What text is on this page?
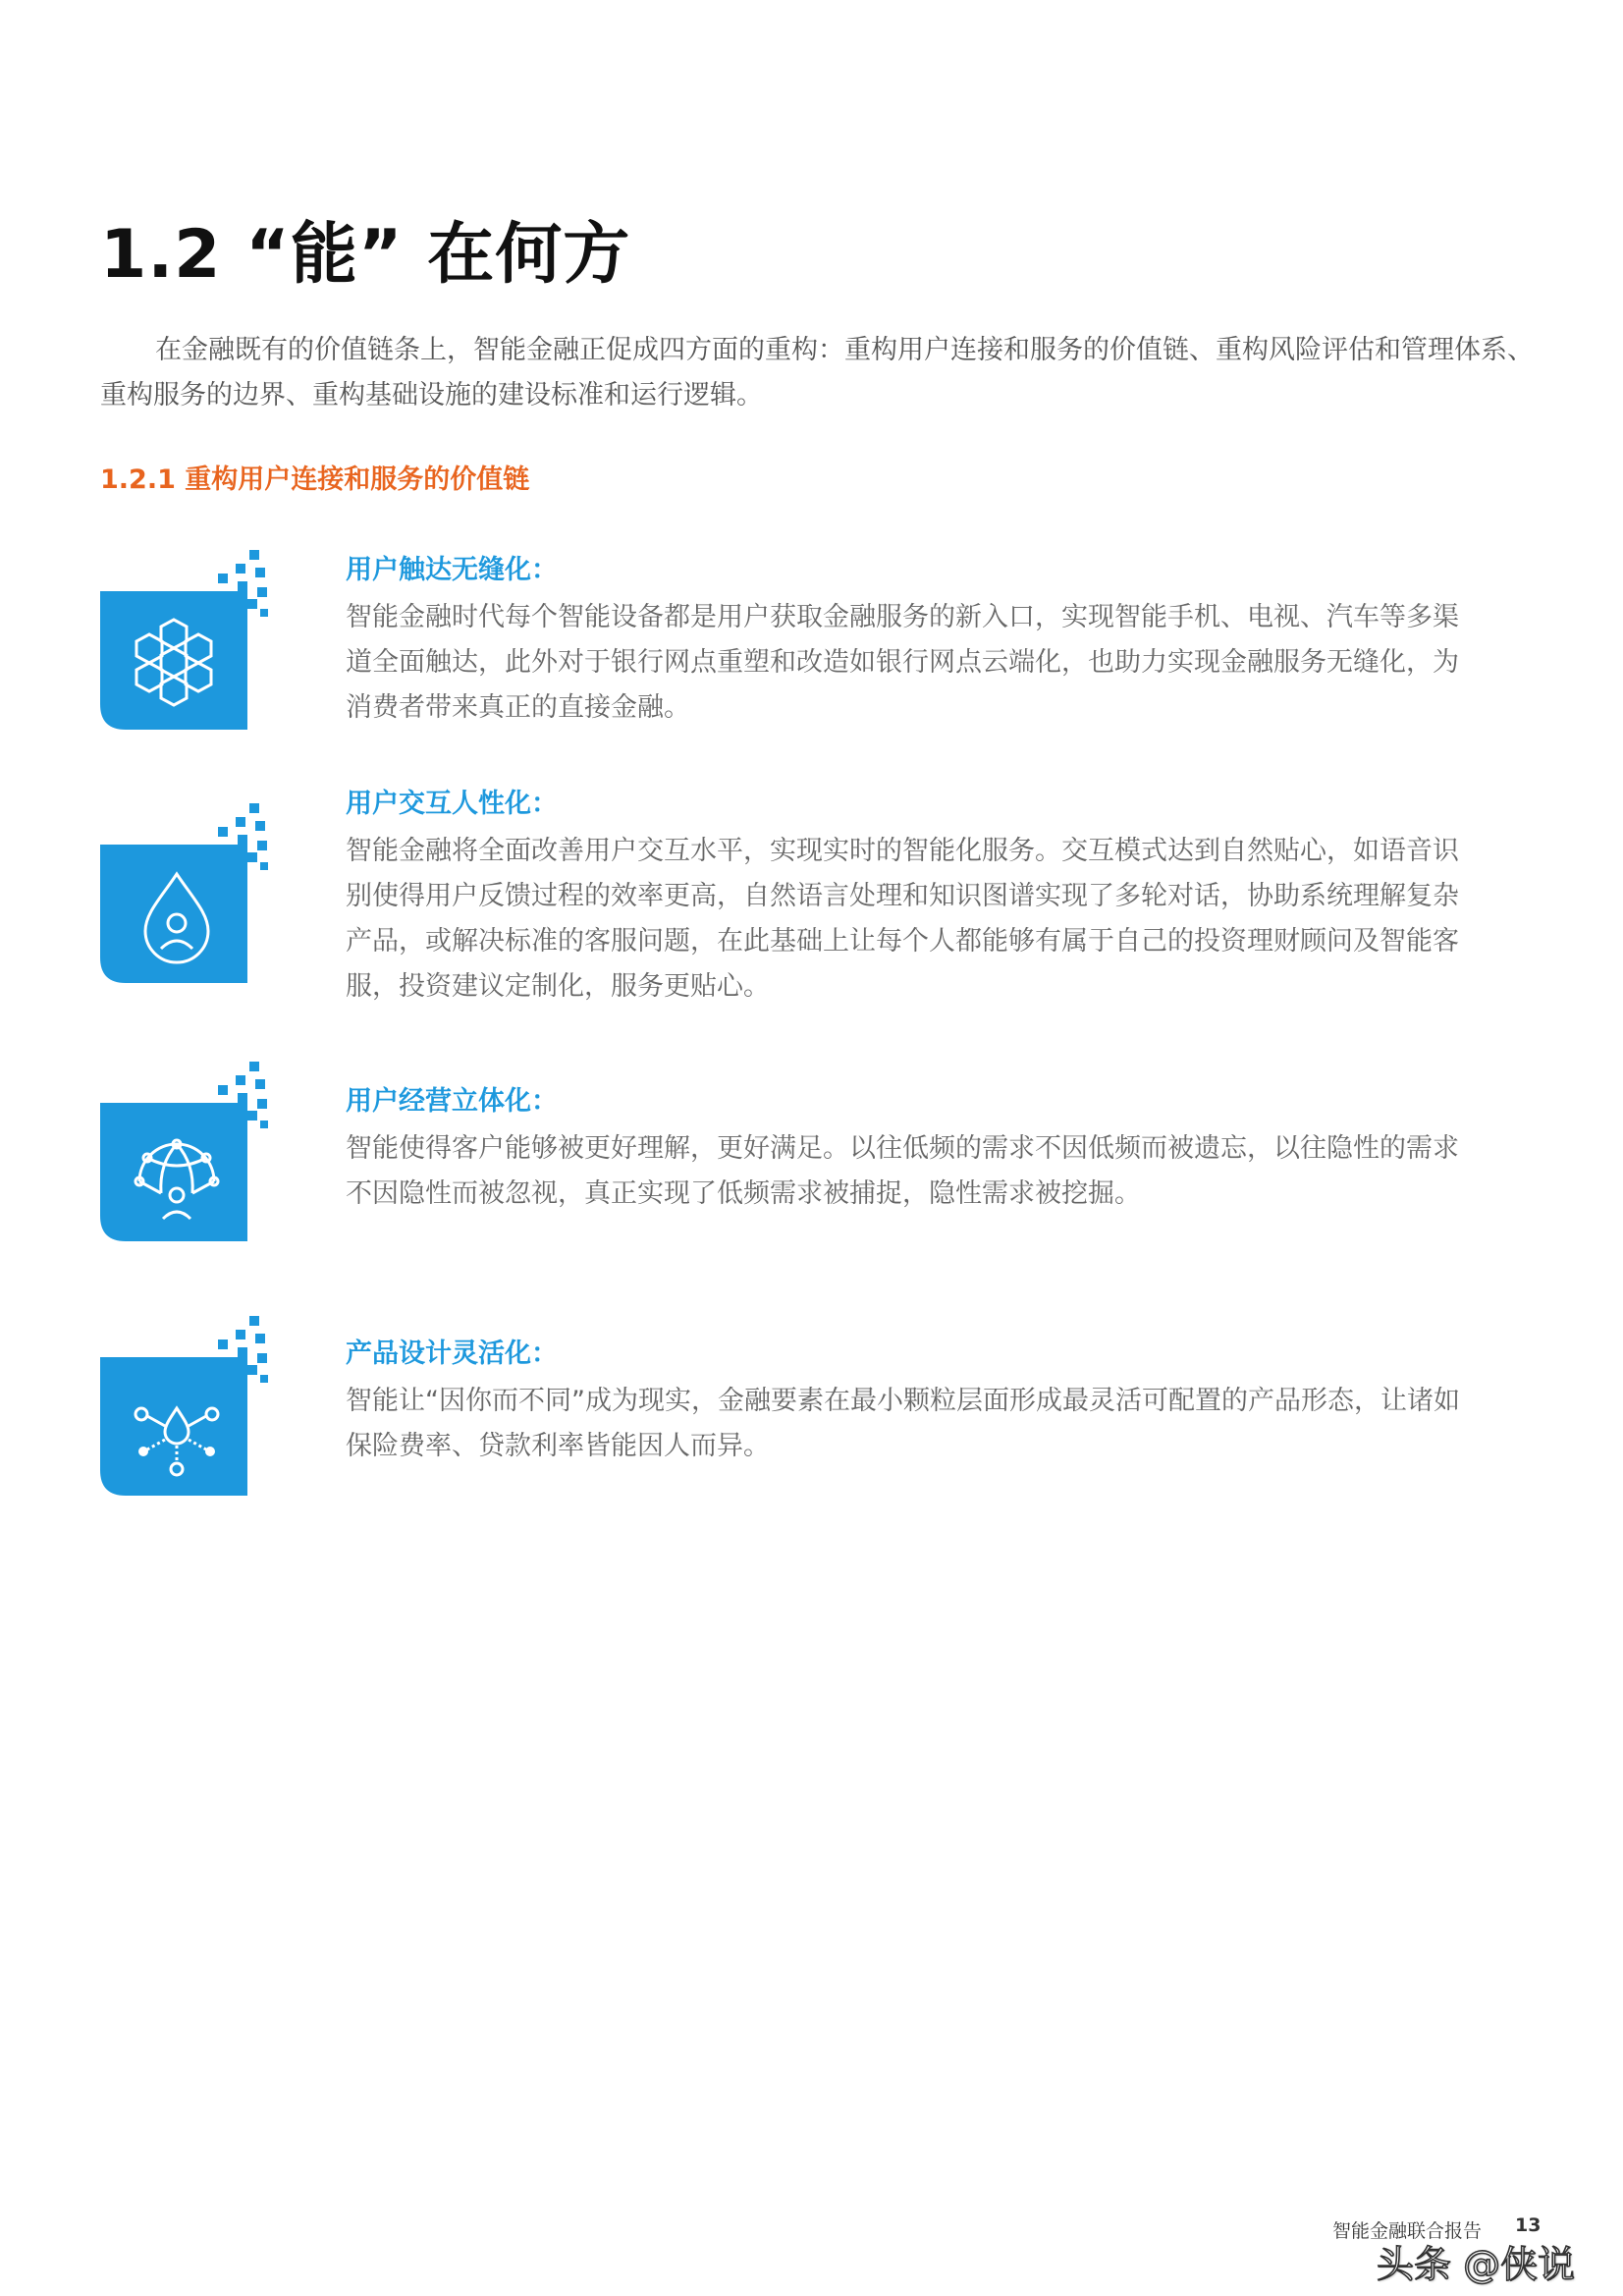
1.2 “能” 在何方

在金融既有的价值链条上，智能金融正促成四方面的重构：重构用户连接和服务的价值链、重构风险评估和管理体系、重构服务的边界、重构基础设施的建设标准和运行逻辑。

1.2.1 重构用户连接和服务的价值链
用户触达无缝化：

智能金融时代每个智能设备都是用户获取金融服务的新入口，实现智能手机、电视、汽车等多渠道全面触达，此外对于银行网点重塑和改造如银行网点云端化，也助力实现金融服务无缝化，为消费者带来真正的直接金融。

用户交互人性化：

智能金融将全面改善用户交互水平，实现实时的智能化服务。交互模式达到自然贴心，如语音识别使得用户反馈过程的效率更高，自然语言处理和知识图谱实现了多轮对话，协助系统理解复杂产品，或解决标准的客服问题，在此基础上让每个人都能够有属于自己的投资理财顾问及智能客服，投资建议定制化，服务更贴心。

用户经营立体化：

智能使得客户能够被更好理解，更好满足。以往低频的需求不因低频而被遗忘，以往隐性的需求不因隐性而被忽视，真正实现了低频需求被捕捉，隐性需求被挖掘。

产品设计灵活化：

智能让“因你而不同”成为现实，金融要素在最小颗粒层面形成最灵活可配置的产品形态，让诸如保险费率、贷款利率皆能因人而异。

智能金融联合报告 13
头条 @侠说
